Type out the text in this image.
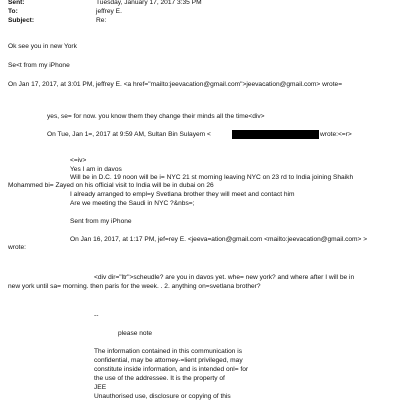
Sent:	Tuesday, January 17, 2017 3:35 PM
To:	jeffrey E.
Subject:	Re:
Ok see you in new York
Se<t from my iPhone
On Jan 17, 2017, at 3:01 PM, jeffrey E. <a href="mailto:jeevacation@gmail.com">jeevacation@gmail.com> wrote=
yes, se= for now. you know them they change their minds all the time<div>
On Tue, Jan 1=, 2017 at 9:59 AM, Sultan Bin Sulayem <	wrote:<=r>
<=iv>
Yes I am in davos
Will be in D.C. 19 noon will be i= NYC 21 st morning leaving NYC on 23 rd to India joining Shaikh
Mohammed bi= Zayed on his official visit to India will be in dubai on 26
I already arranged to empl=y Svetlana brother they will meet and contact him
Are we meeting the Saudi in NYC ?&nbs=;
Sent from my iPhone
On Jan 16, 2017, at 1:17 PM, jef=rey E. <jeeva=ation@gmail.com <mailto:jeevacation@gmail.com> >
wrote:
<div dir="ltr">scheudle? are you in davos yet. whe= new york? and where after I will be in
new york until sa= morning. then paris for the week. . 2. anything on=svetlana brother?
--
please note
The information contained in this communication is
confidential, may be attorney-=lient privileged, may
constitute inside information, and is intended onl= for
the use of the addressee. It is the property of
JEE
Unauthorised use, disclosure or copying of this
